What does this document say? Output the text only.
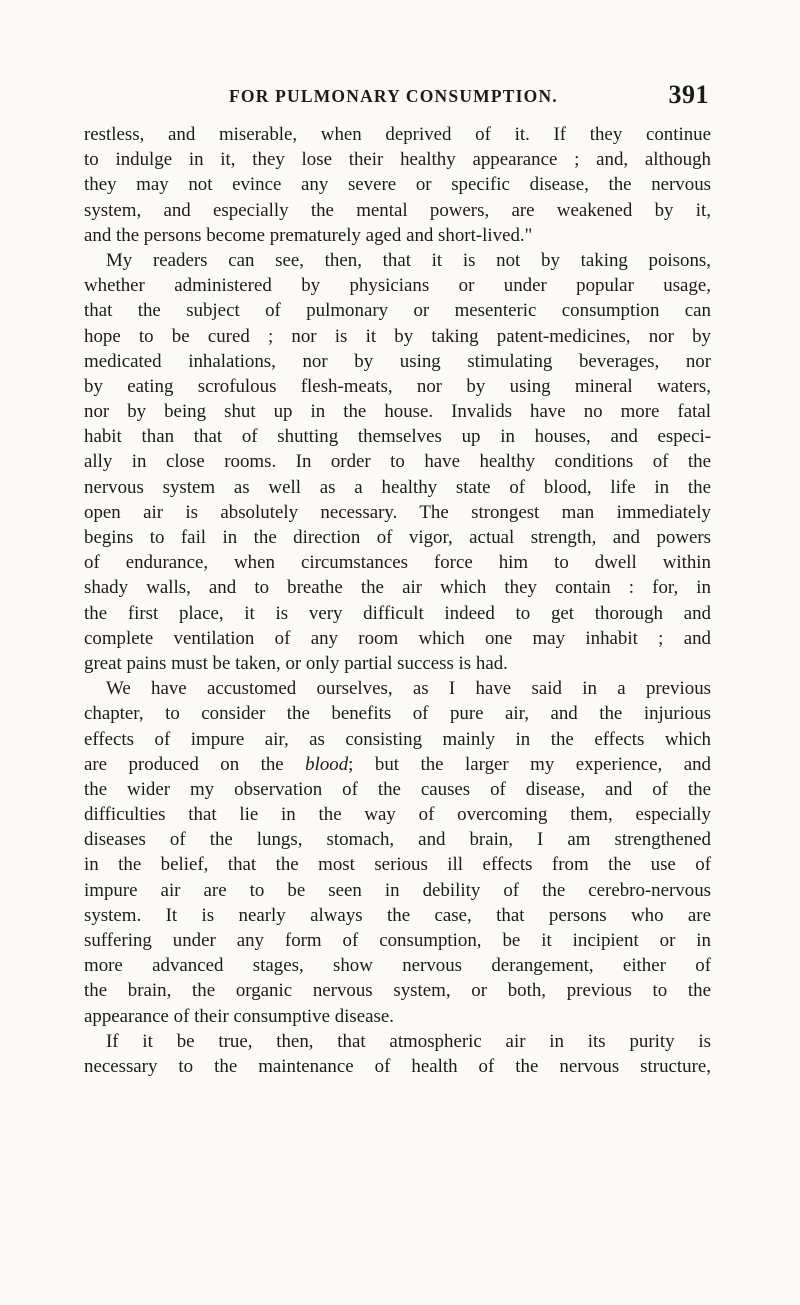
FOR PULMONARY CONSUMPTION.	391
restless, and miserable, when deprived of it. If they continue
to indulge in it, they lose their healthy appearance ; and, although
they may not evince any severe or specific disease, the nervous
system, and especially the mental powers, are weakened by it,
and the persons become prematurely aged and short-lived."
My readers can see, then, that it is not by taking poisons,
whether administered by physicians or under popular usage,
that the subject of pulmonary or mesenteric consumption can
hope to be cured ; nor is it by taking patent-medicines, nor by
medicated inhalations, nor by using stimulating beverages, nor
by eating scrofulous flesh-meats, nor by using mineral waters,
nor by being shut up in the house. Invalids have no more fatal
habit than that of shutting themselves up in houses, and especi-
ally in close rooms. In order to have healthy conditions of the
nervous system as well as a healthy state of blood, life in the
open air is absolutely necessary. The strongest man immediately
begins to fail in the direction of vigor, actual strength, and powers
of endurance, when circumstances force him to dwell within
shady walls, and to breathe the air which they contain : for, in
the first place, it is very difficult indeed to get thorough and
complete ventilation of any room which one may inhabit ; and
great pains must be taken, or only partial success is had.
We have accustomed ourselves, as I have said in a previous
chapter, to consider the benefits of pure air, and the injurious
effects of impure air, as consisting mainly in the effects which
are produced on the blood; but the larger my experience, and
the wider my observation of the causes of disease, and of the
difficulties that lie in the way of overcoming them, especially
diseases of the lungs, stomach, and brain, I am strengthened
in the belief, that the most serious ill effects from the use of
impure air are to be seen in debility of the cerebro-nervous
system. It is nearly always the case, that persons who are
suffering under any form of consumption, be it incipient or in
more advanced stages, show nervous derangement, either of
the brain, the organic nervous system, or both, previous to the
appearance of their consumptive disease.
If it be true, then, that atmospheric air in its purity is
necessary to the maintenance of health of the nervous structure,
